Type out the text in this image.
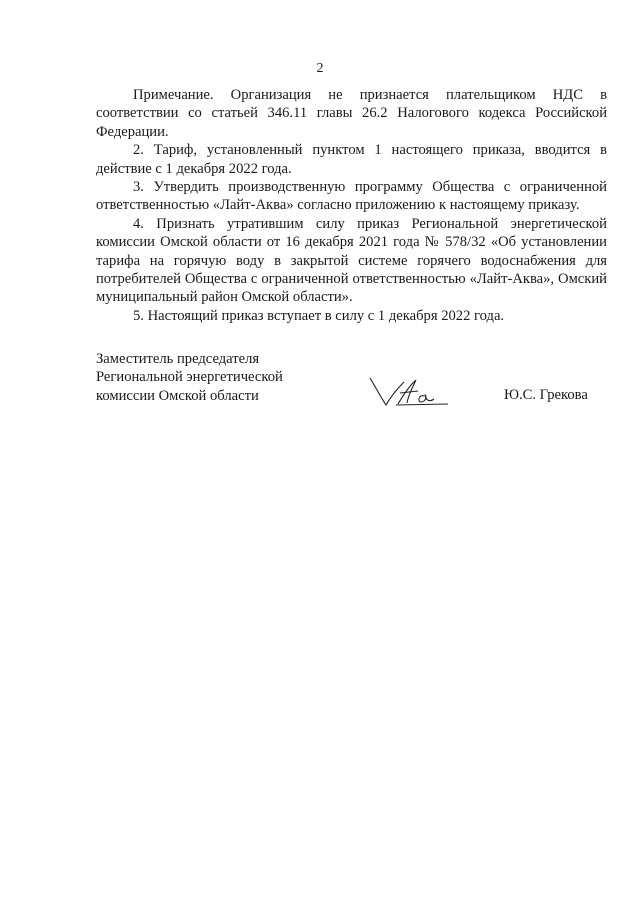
2

Примечание. Организация не признается плательщиком НДС в соответствии со статьей 346.11 главы 26.2 Налогового кодекса Российской Федерации.

2. Тариф, установленный пунктом 1 настоящего приказа, вводится в действие с 1 декабря 2022 года.

3. Утвердить производственную программу Общества с ограниченной ответственностью «Лайт-Аква» согласно приложению к настоящему приказу.

4. Признать утратившим силу приказ Региональной энергетической комиссии Омской области от 16 декабря 2021 года № 578/32 «Об установлении тарифа на горячую воду в закрытой системе горячего водоснабжения для потребителей Общества с ограниченной ответственностью «Лайт-Аква», Омский муниципальный район Омской области».

5. Настоящий приказ вступает в силу с 1 декабря 2022 года.

Заместитель председателя
Региональной энергетической
комиссии Омской области	Ю.С. Грекова
